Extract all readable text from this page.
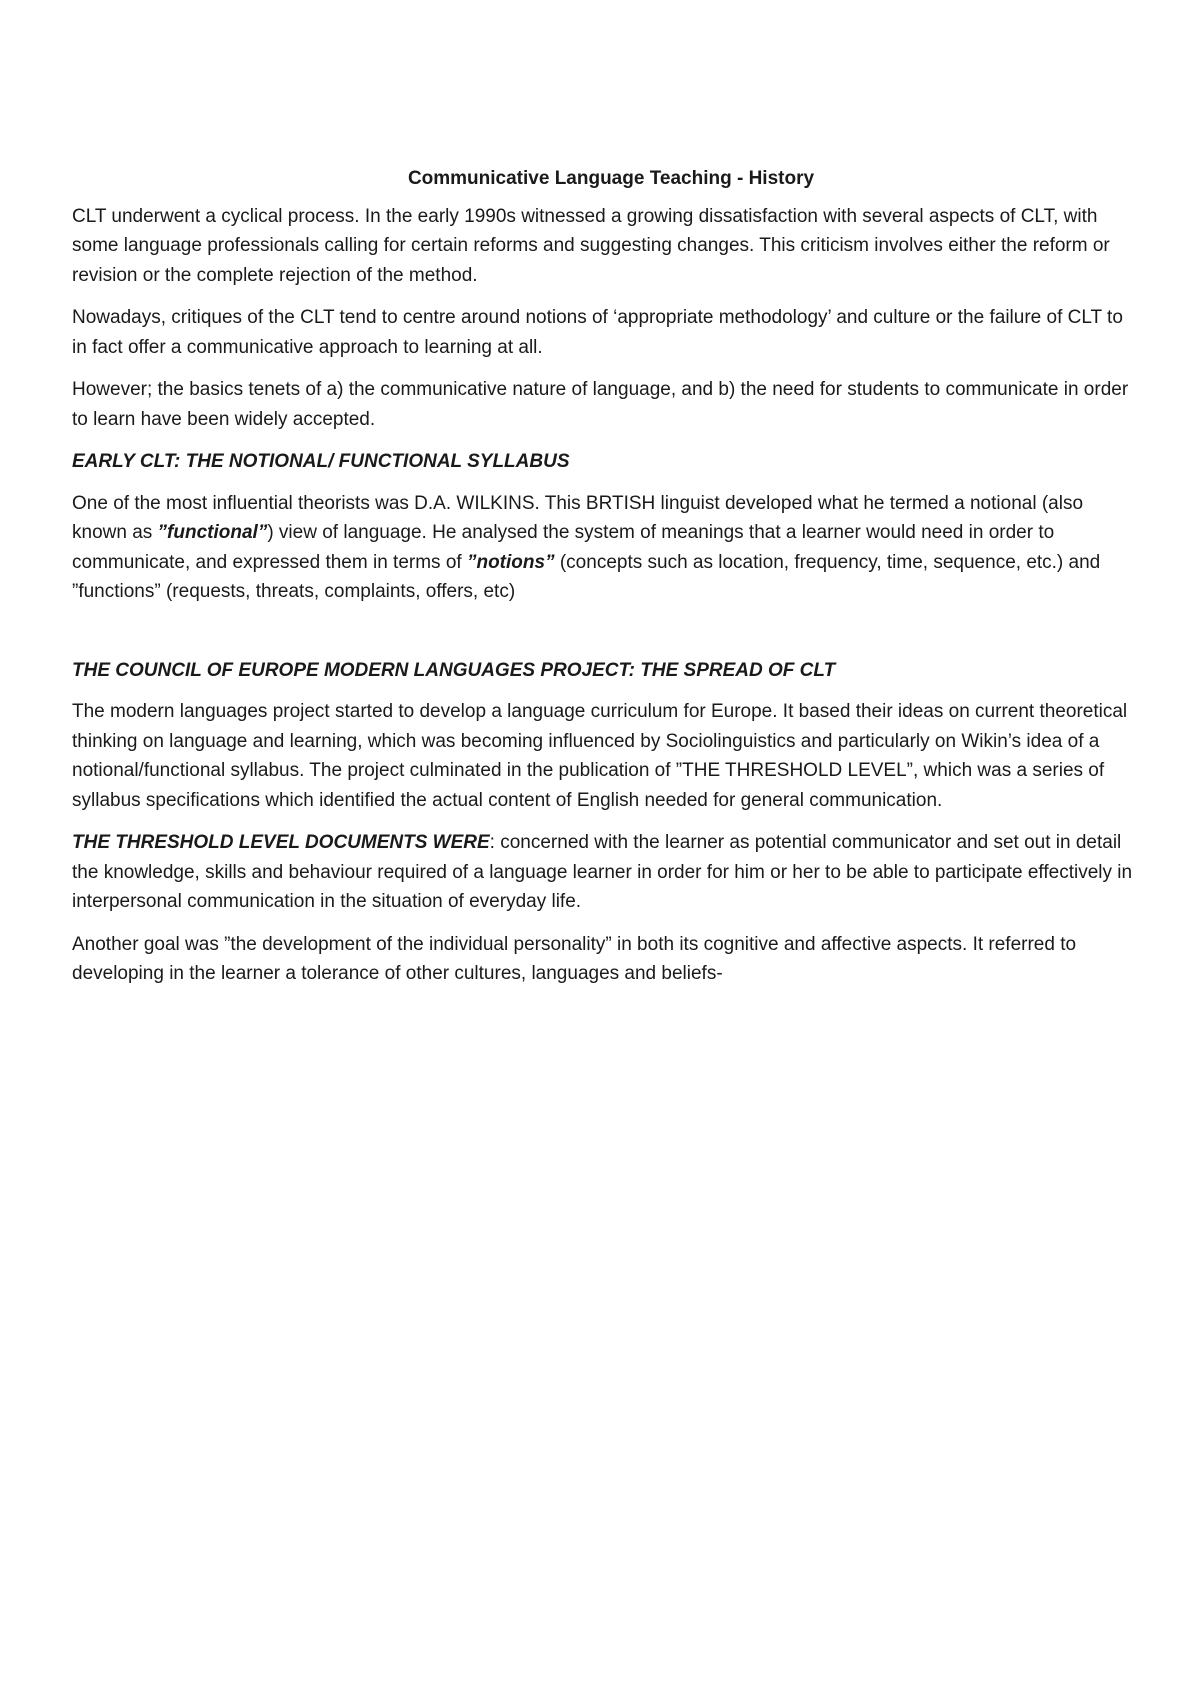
Communicative Language Teaching - History

CLT underwent a cyclical process. In the early 1990s witnessed a growing dissatisfaction with several aspects of CLT, with some language professionals calling for certain reforms and suggesting changes. This criticism involves either the reform or revision or the complete rejection of the method.

Nowadays, critiques of the CLT tend to centre around notions of ‘appropriate methodology’ and culture or the failure of CLT to in fact offer a communicative approach to learning at all.

However; the basics tenets of a) the communicative nature of language, and b) the need for students to communicate in order to learn have been widely accepted.

EARLY CLT: THE NOTIONAL/ FUNCTIONAL SYLLABUS

One of the most influential theorists was D.A. WILKINS. This BRTISH linguist developed what he termed a notional (also known as ”functional”) view of language. He analysed the system of meanings that a learner would need in order to communicate, and expressed them in terms of ”notions” (concepts such as location, frequency, time, sequence, etc.) and ”functions” (requests, threats, complaints, offers, etc)

THE COUNCIL OF EUROPE MODERN LANGUAGES PROJECT: THE SPREAD OF CLT

The modern languages project started to develop a language curriculum for Europe. It based their ideas on current theoretical thinking on language and learning, which was becoming influenced by Sociolinguistics and particularly on Wikin’s idea of a notional/functional syllabus. The project culminated in the publication of ”THE THRESHOLD LEVEL”, which was a series of syllabus specifications which identified the actual content of English needed for general communication.

THE THRESHOLD LEVEL DOCUMENTS WERE: concerned with the learner as potential communicator and set out in detail the knowledge, skills and behaviour required of a language learner in order for him or her to be able to participate effectively in interpersonal communication in the situation of everyday life.

Another goal was ”the development of the individual personality” in both its cognitive and affective aspects. It referred to developing in the learner a tolerance of other cultures, languages and beliefs-
